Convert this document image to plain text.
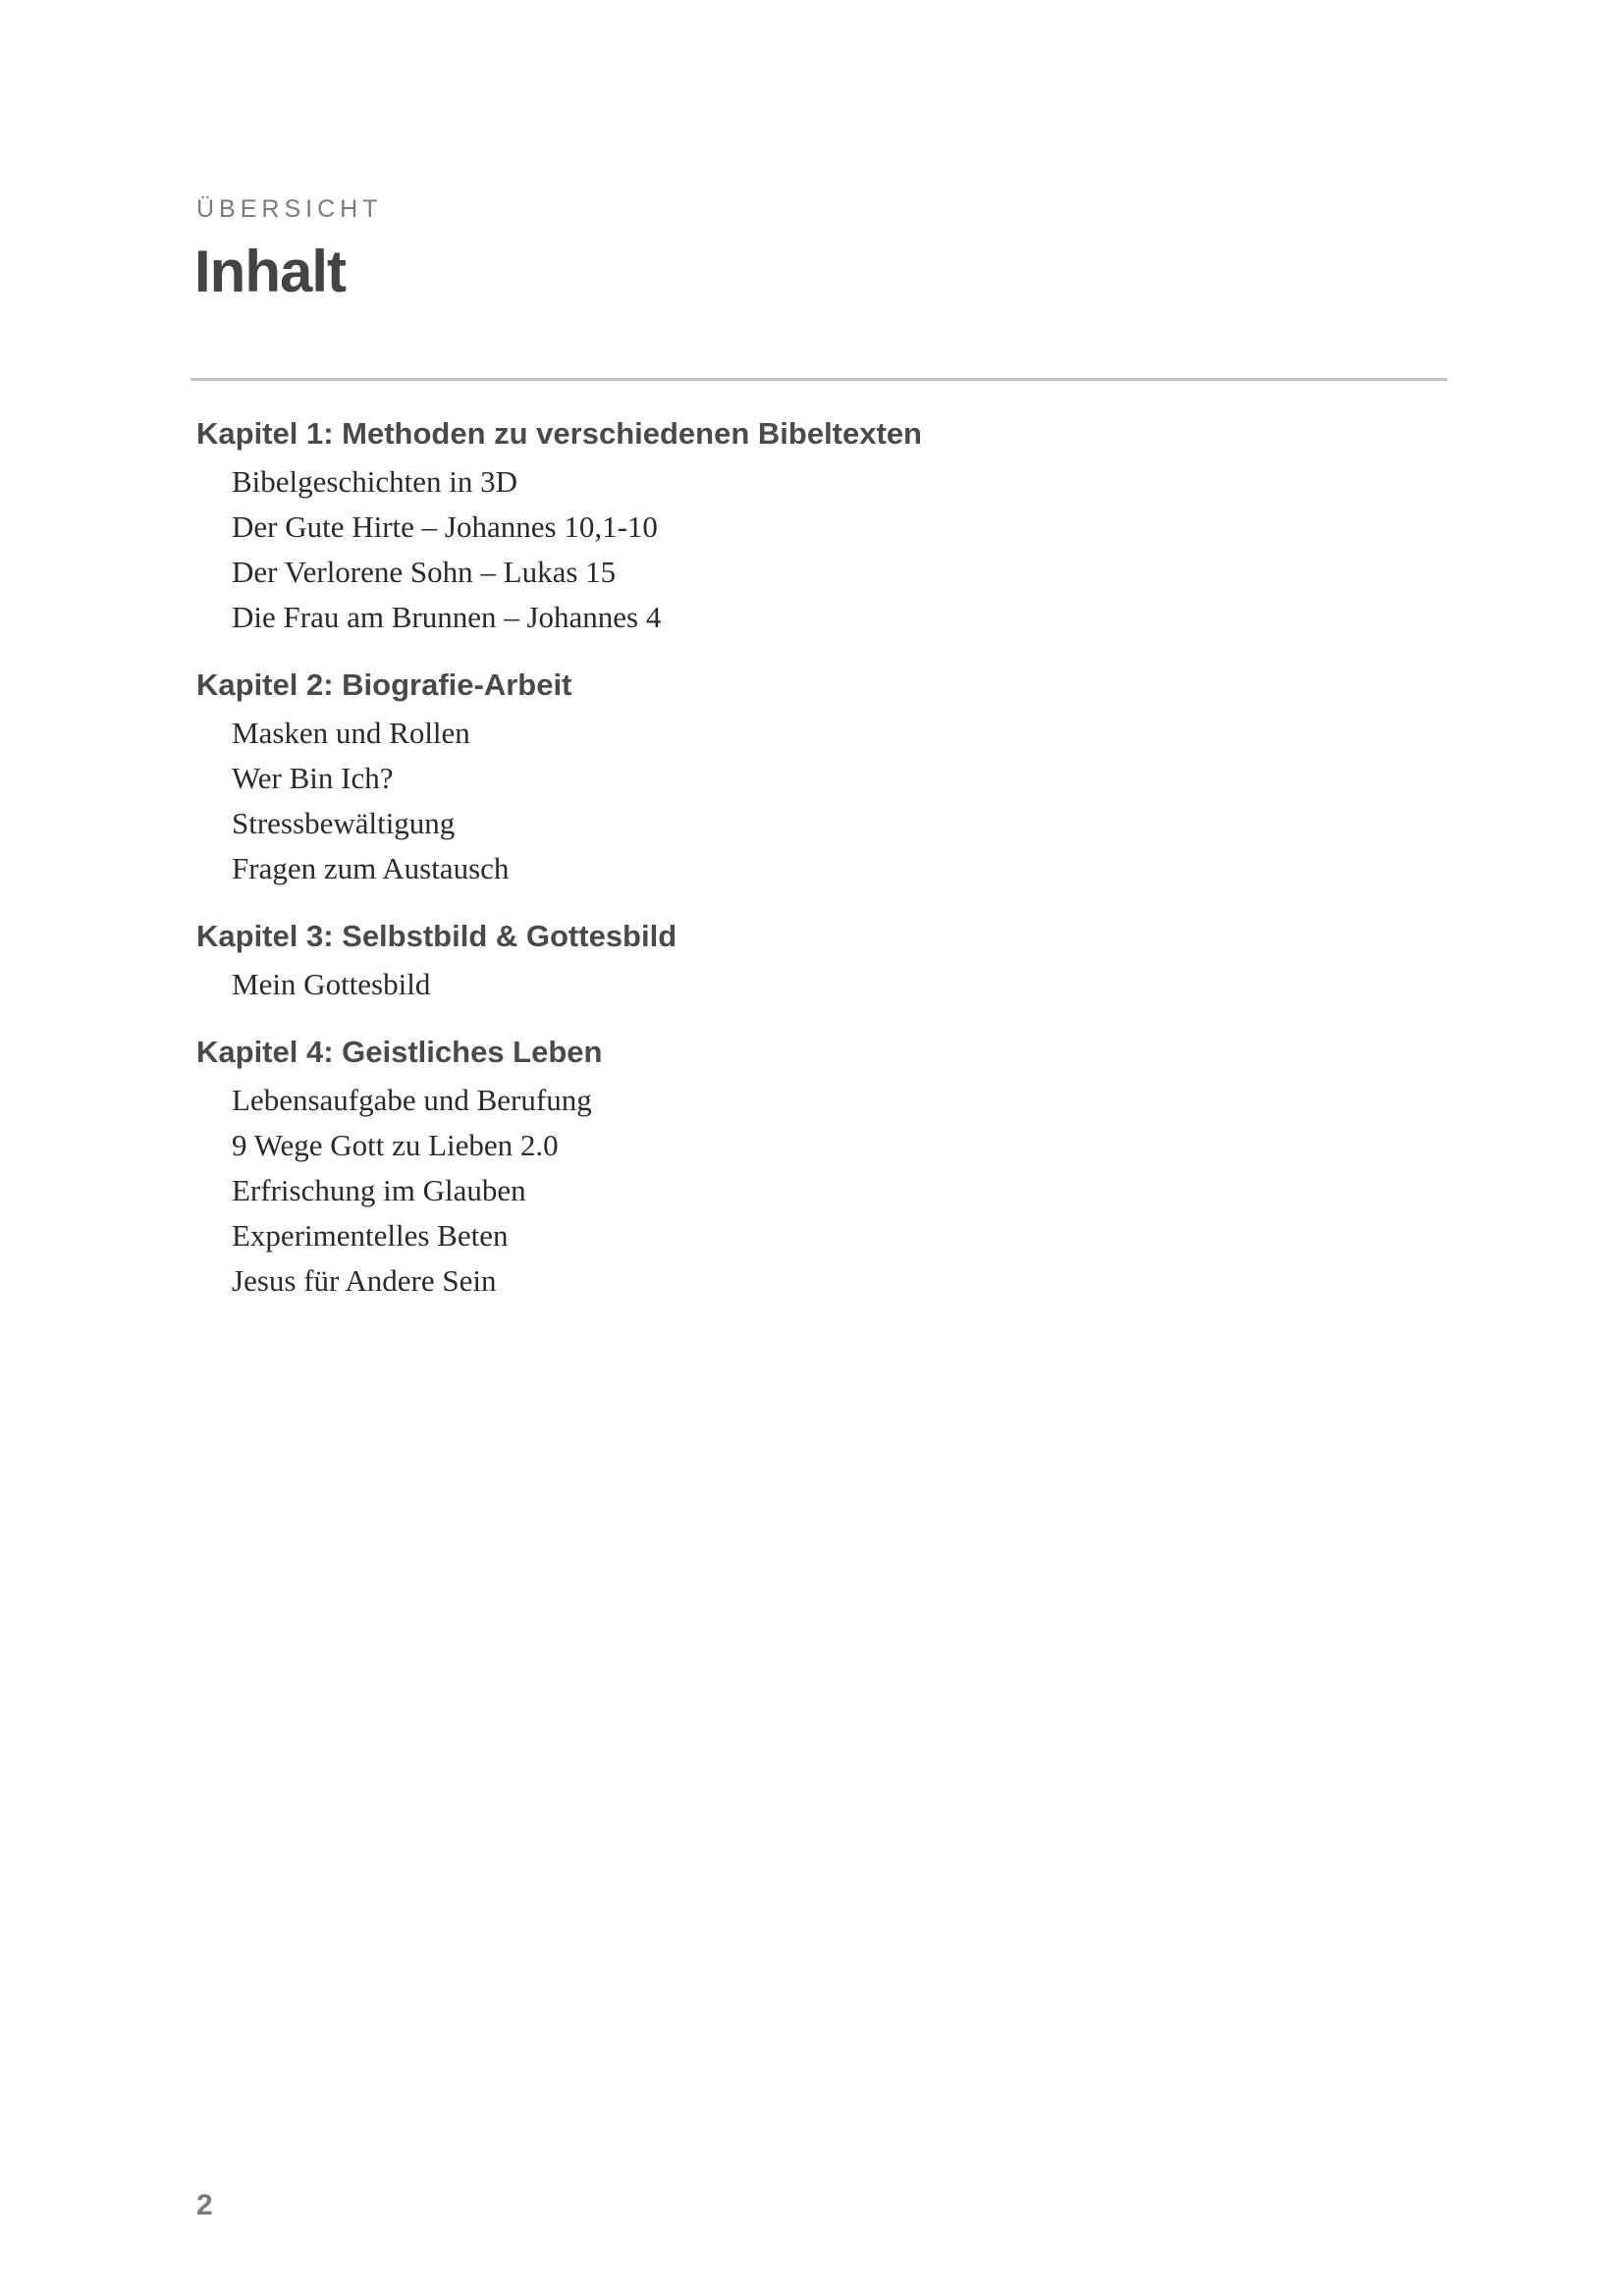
ÜBERSICHT

Inhalt
Kapitel 1: Methoden zu verschiedenen Bibeltexten

Bibelgeschichten in 3D

Der Gute Hirte – Johannes 10,1-10

Der Verlorene Sohn – Lukas 15

Die Frau am Brunnen – Johannes 4

Kapitel 2: Biografie-Arbeit

Masken und Rollen

Wer Bin Ich?

Stressbewältigung

Fragen zum Austausch

Kapitel 3: Selbstbild & Gottesbild

Mein Gottesbild

Kapitel 4: Geistliches Leben

Lebensaufgabe und Berufung

9 Wege Gott zu Lieben 2.0

Erfrischung im Glauben

Experimentelles Beten

Jesus für Andere Sein

2
